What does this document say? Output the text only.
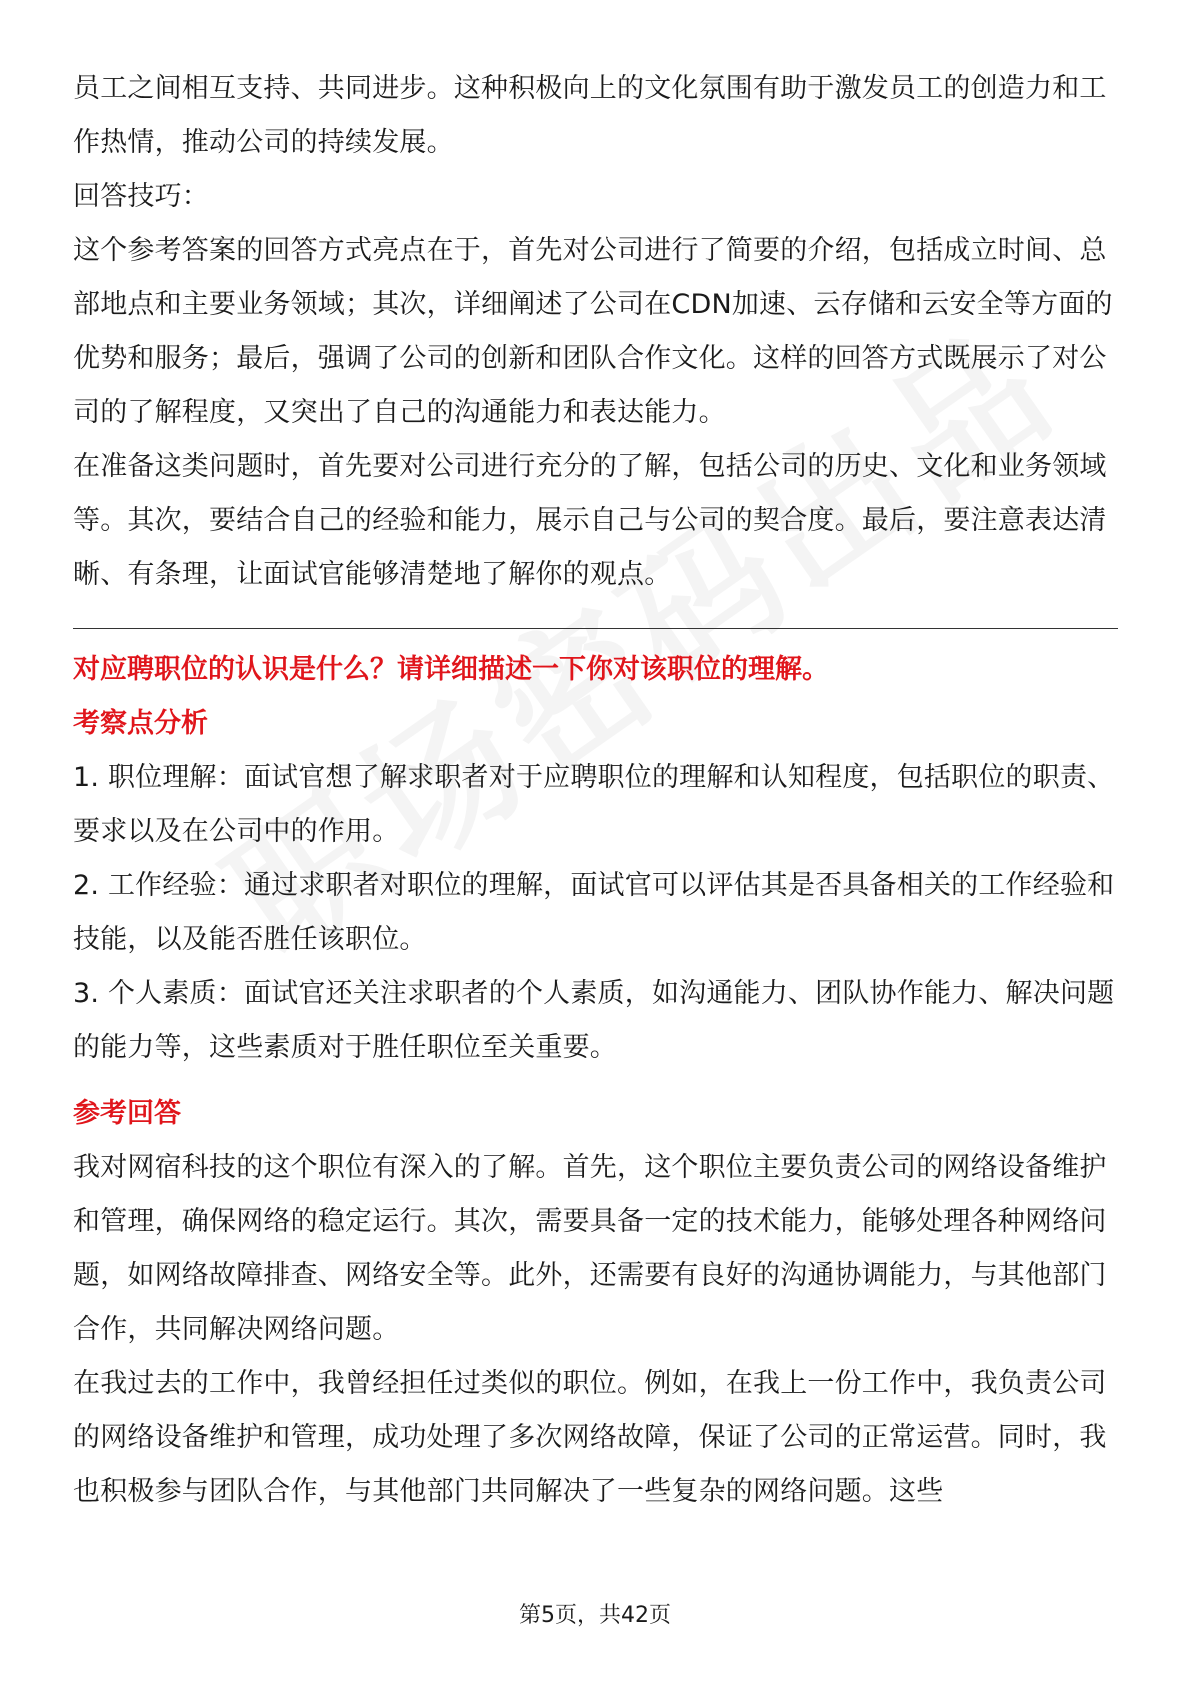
员工之间相互支持、共同进步。这种积极向上的文化氛围有助于激发员工的创造力和工作热情，推动公司的持续发展。

回答技巧：

这个参考答案的回答方式亮点在于，首先对公司进行了简要的介绍，包括成立时间、总部地点和主要业务领域；其次，详细阐述了公司在CDN加速、云存储和云安全等方面的优势和服务；最后，强调了公司的创新和团队合作文化。这样的回答方式既展示了对公司的了解程度，又突出了自己的沟通能力和表达能力。

在准备这类问题时，首先要对公司进行充分的了解，包括公司的历史、文化和业务领域等。其次，要结合自己的经验和能力，展示自己与公司的契合度。最后，要注意表达清晰、有条理，让面试官能够清楚地了解你的观点。

对应聘职位的认识是什么？请详细描述一下你对该职位的理解。

考察点分析

1. 职位理解：面试官想了解求职者对于应聘职位的理解和认知程度，包括职位的职责、要求以及在公司中的作用。

2. 工作经验：通过求职者对职位的理解，面试官可以评估其是否具备相关的工作经验和技能，以及能否胜任该职位。

3. 个人素质：面试官还关注求职者的个人素质，如沟通能力、团队协作能力、解决问题的能力等，这些素质对于胜任职位至关重要。

参考回答

我对网宿科技的这个职位有深入的了解。首先，这个职位主要负责公司的网络设备维护和管理，确保网络的稳定运行。其次，需要具备一定的技术能力，能够处理各种网络问题，如网络故障排查、网络安全等。此外，还需要有良好的沟通协调能力，与其他部门合作，共同解决网络问题。

在我过去的工作中，我曾经担任过类似的职位。例如，在我上一份工作中，我负责公司的网络设备维护和管理，成功处理了多次网络故障，保证了公司的正常运营。同时，我也积极参与团队合作，与其他部门共同解决了一些复杂的网络问题。这些

第5页，共42页
